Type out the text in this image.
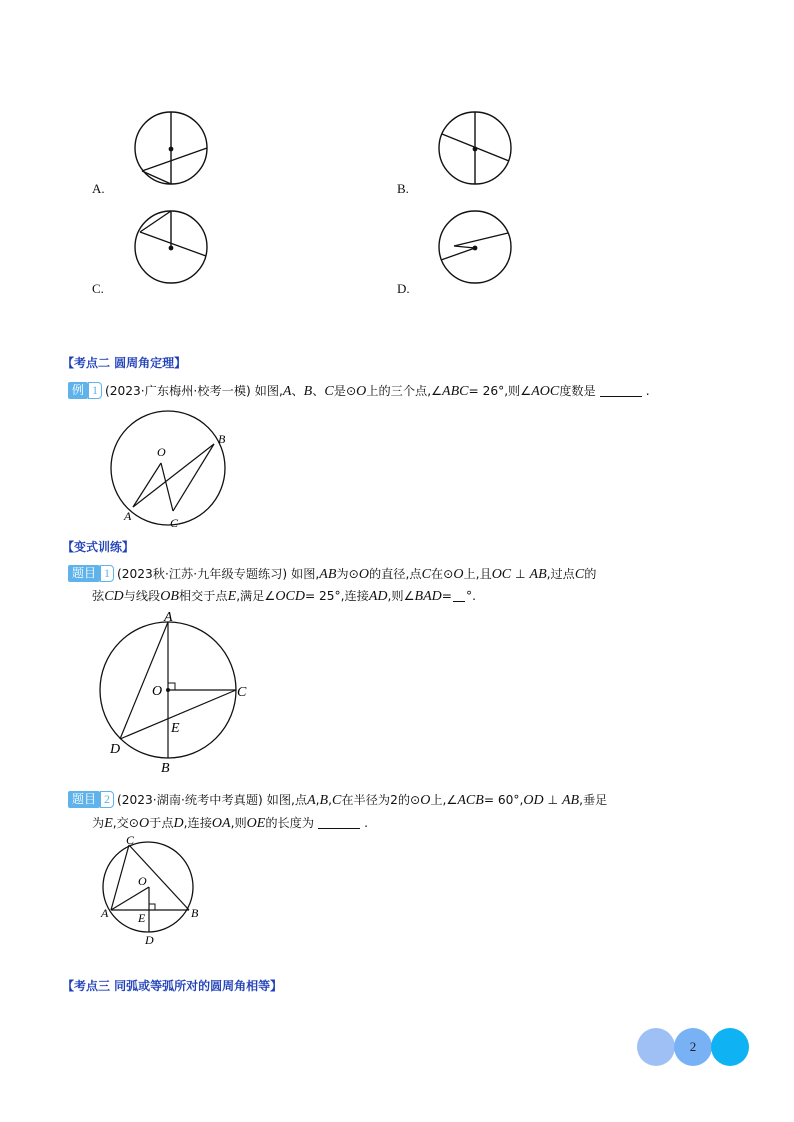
A.	B.
C.	D.
【考点二 圆周角定理】
例 1 (2023·广东梅州·校考一模) 如图,A、B、C是⊙O上的三个点,∠ABC= 26°,则∠AOC度数是	.
O
B
A	C
【变式训练】
题目 1 (2023秋·江苏·九年级专题练习) 如图,AB为⊙O的直径,点C在⊙O上,且OC ⊥ AB,过点C的
弦CD与线段OB相交于点E,满足∠OCD= 25°,连接AD,则∠BAD= °.
A
O	C
E
D
B
题目 2 (2023·湖南·统考中考真题) 如图,点A,B,C在半径为2的⊙O上,∠ACB= 60°,OD ⊥ AB,垂足
为E,交⊙O于点D,连接OA,则OE的长度为	.
C
O
A E	B
D
【考点三 同弧或等弧所对的圆周角相等】
2
